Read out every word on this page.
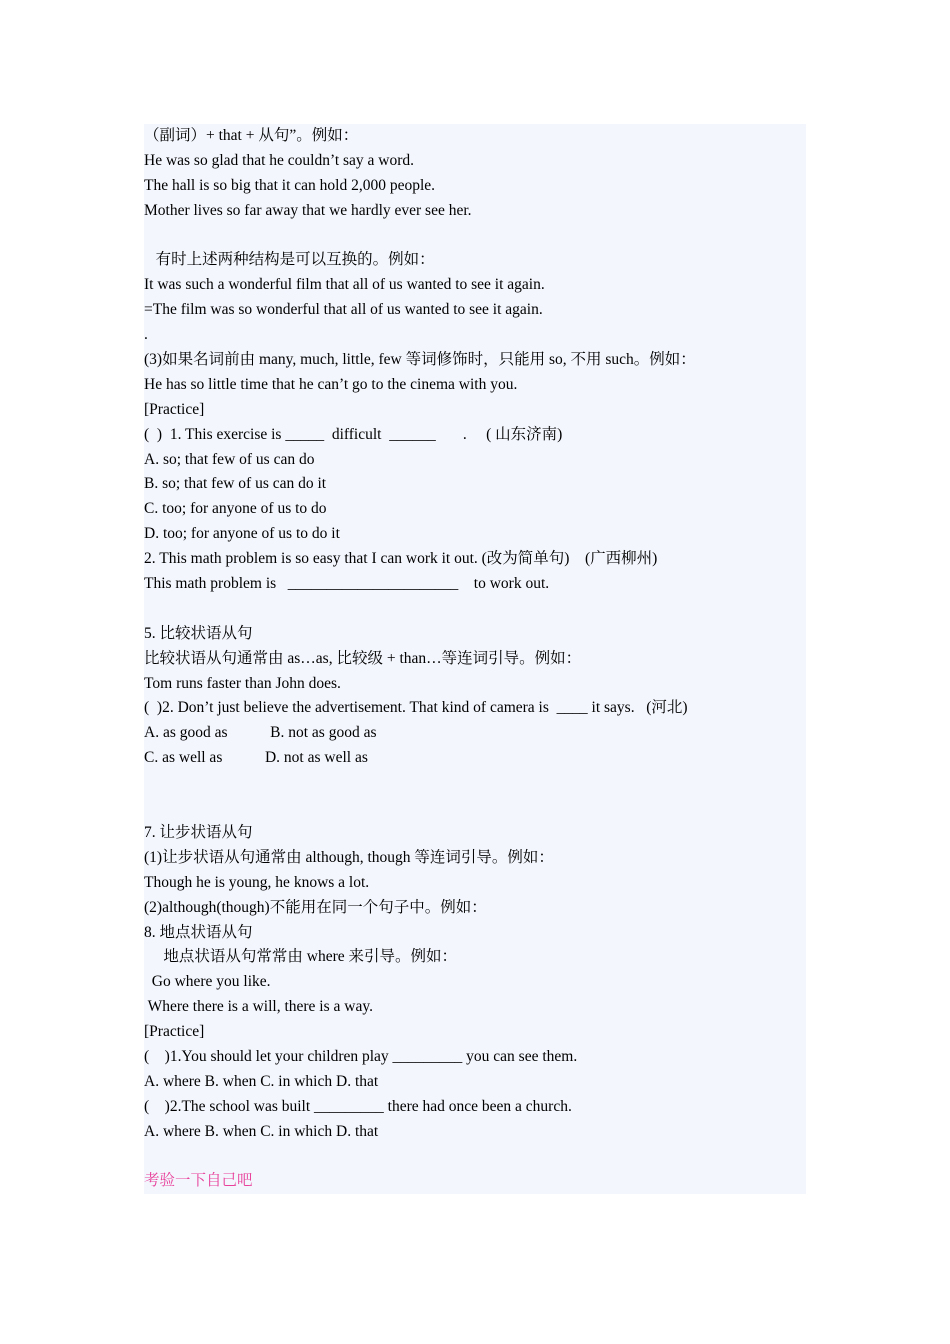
（副词）+ that + 从句”。例如：
He was so glad that he couldn’t say a word.
The hall is so big that it can hold 2,000 people.
Mother lives so far away that we hardly ever see her.
有时上述两种结构是可以互换的。例如：
It was such a wonderful film that all of us wanted to see it again.
=The film was so wonderful that all of us wanted to see it again.
.
(3)如果名词前由 many, much, little, few 等词修饰时，只能用 so, 不用 such。例如：
He has so little time that he can’t go to the cinema with you.
[Practice]
(  )  1. This exercise is _____  difficult  ______       .     ( 山东济南)
A. so; that few of us can do
B. so; that few of us can do it
C. too; for anyone of us to do
D. too; for anyone of us to do it
2. This math problem is so easy that I can work it out. (改为简单句)    (广西柳州)
This math problem is   ______________________    to work out.
5. 比较状语从句
比较状语从句通常由 as…as, 比较级 + than…等连词引导。例如：
Tom runs faster than John does.
(  )2. Don’t just believe the advertisement. That kind of camera is  ____ it says.   (河北)
A. as good as           B. not as good as
C. as well as           D. not as well as
7. 让步状语从句
(1)让步状语从句通常由 although, though 等连词引导。例如：
Though he is young, he knows a lot.
(2)although(though)不能用在同一个句子中。例如：
8. 地点状语从句
地点状语从句常常由 where 来引导。例如：
Go where you like.
Where there is a will, there is a way.
[Practice]
(    )1.You should let your children play _________ you can see them.
A. where B. when C. in which D. that
(    )2.The school was built _________ there had once been a church.
A. where B. when C. in which D. that
考验一下自己吧
